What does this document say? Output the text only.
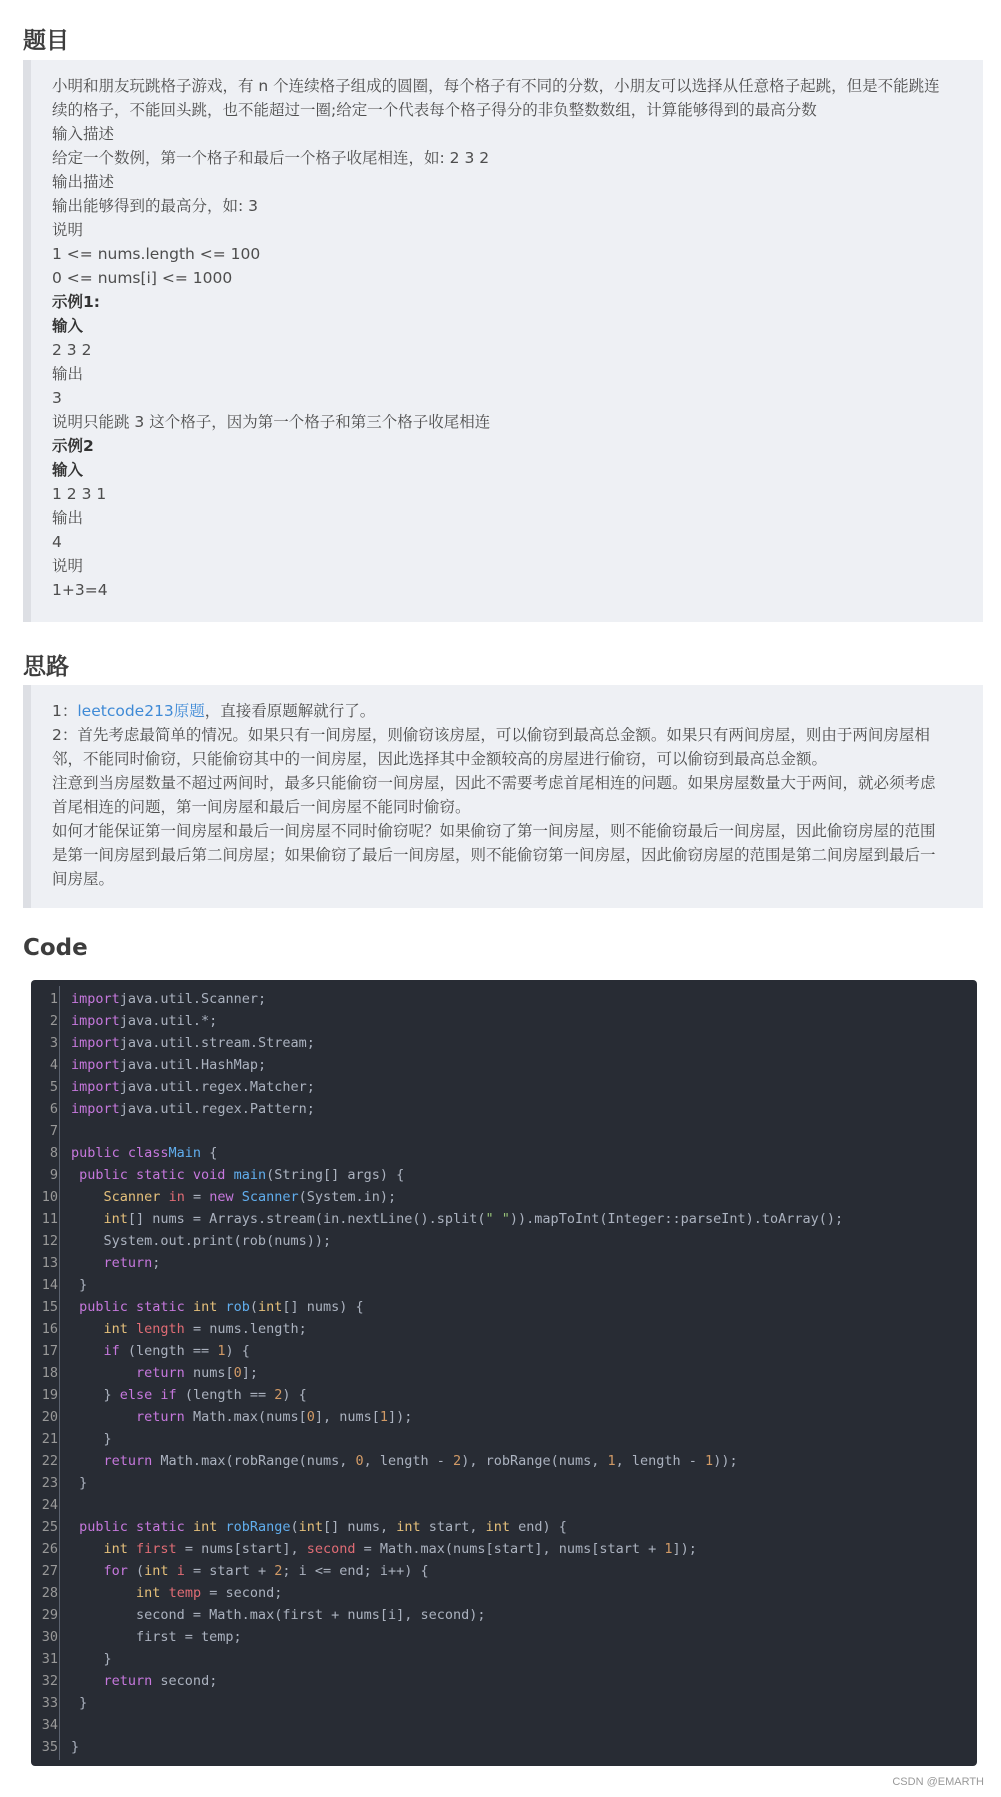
题目
小明和朋友玩跳格子游戏，有 n 个连续格子组成的圆圈，每个格子有不同的分数，小朋友可以选择从任意格子起跳，但是不能跳连
续的格子，不能回头跳，也不能超过一圈;给定一个代表每个格子得分的非负整数数组，计算能够得到的最高分数
输入描述
给定一个数例，第一个格子和最后一个格子收尾相连，如: 2 3 2
输出描述
输出能够得到的最高分，如: 3
说明
1 <= nums.length <= 100
0 <= nums[i] <= 1000
示例1:
输入
2 3 2
输出
3
说明只能跳 3 这个格子，因为第一个格子和第三个格子收尾相连
示例2
输入
1 2 3 1
输出
4
说明
1+3=4
思路
1：leetcode213原题，直接看原题解就行了。
2：首先考虑最简单的情况。如果只有一间房屋，则偷窃该房屋，可以偷窃到最高总金额。如果只有两间房屋，则由于两间房屋相
邻，不能同时偷窃，只能偷窃其中的一间房屋，因此选择其中金额较高的房屋进行偷窃，可以偷窃到最高总金额。
注意到当房屋数量不超过两间时，最多只能偷窃一间房屋，因此不需要考虑首尾相连的问题。如果房屋数量大于两间，就必须考虑
首尾相连的问题，第一间房屋和最后一间房屋不能同时偷窃。
如何才能保证第一间房屋和最后一间房屋不同时偷窃呢？如果偷窃了第一间房屋，则不能偷窃最后一间房屋，因此偷窃房屋的范围
是第一间房屋到最后第二间房屋；如果偷窃了最后一间房屋，则不能偷窃第一间房屋，因此偷窃房屋的范围是第二间房屋到最后一
间房屋。
Code
1
2
3
4
5
6
7
8
9
10
11
12
13
14
15
16
17
18
19
20
21
22
23
24
25
26
27
28
29
30
31
32
33
34
35
importjava.util.Scanner;
importjava.util.*;
importjava.util.stream.Stream;
importjava.util.HashMap;
importjava.util.regex.Matcher;
importjava.util.regex.Pattern;
public classMain {
public static void main(String[] args) {
Scanner in = new Scanner(System.in);
int[] nums = Arrays.stream(in.nextLine().split(" ")).mapToInt(Integer::parseInt).toArray();
System.out.print(rob(nums));
return;
}
public static int rob(int[] nums) {
int length = nums.length;
if (length == 1) {
return nums[0];
} else if (length == 2) {
return Math.max(nums[0], nums[1]);
}
return Math.max(robRange(nums, 0, length - 2), robRange(nums, 1, length - 1));
}
public static int robRange(int[] nums, int start, int end) {
int first = nums[start], second = Math.max(nums[start], nums[start + 1]);
for (int i = start + 2; i <= end; i++) {
int temp = second;
second = Math.max(first + nums[i], second);
first = temp;
}
return second;
}
}
CSDN @EMARTH
